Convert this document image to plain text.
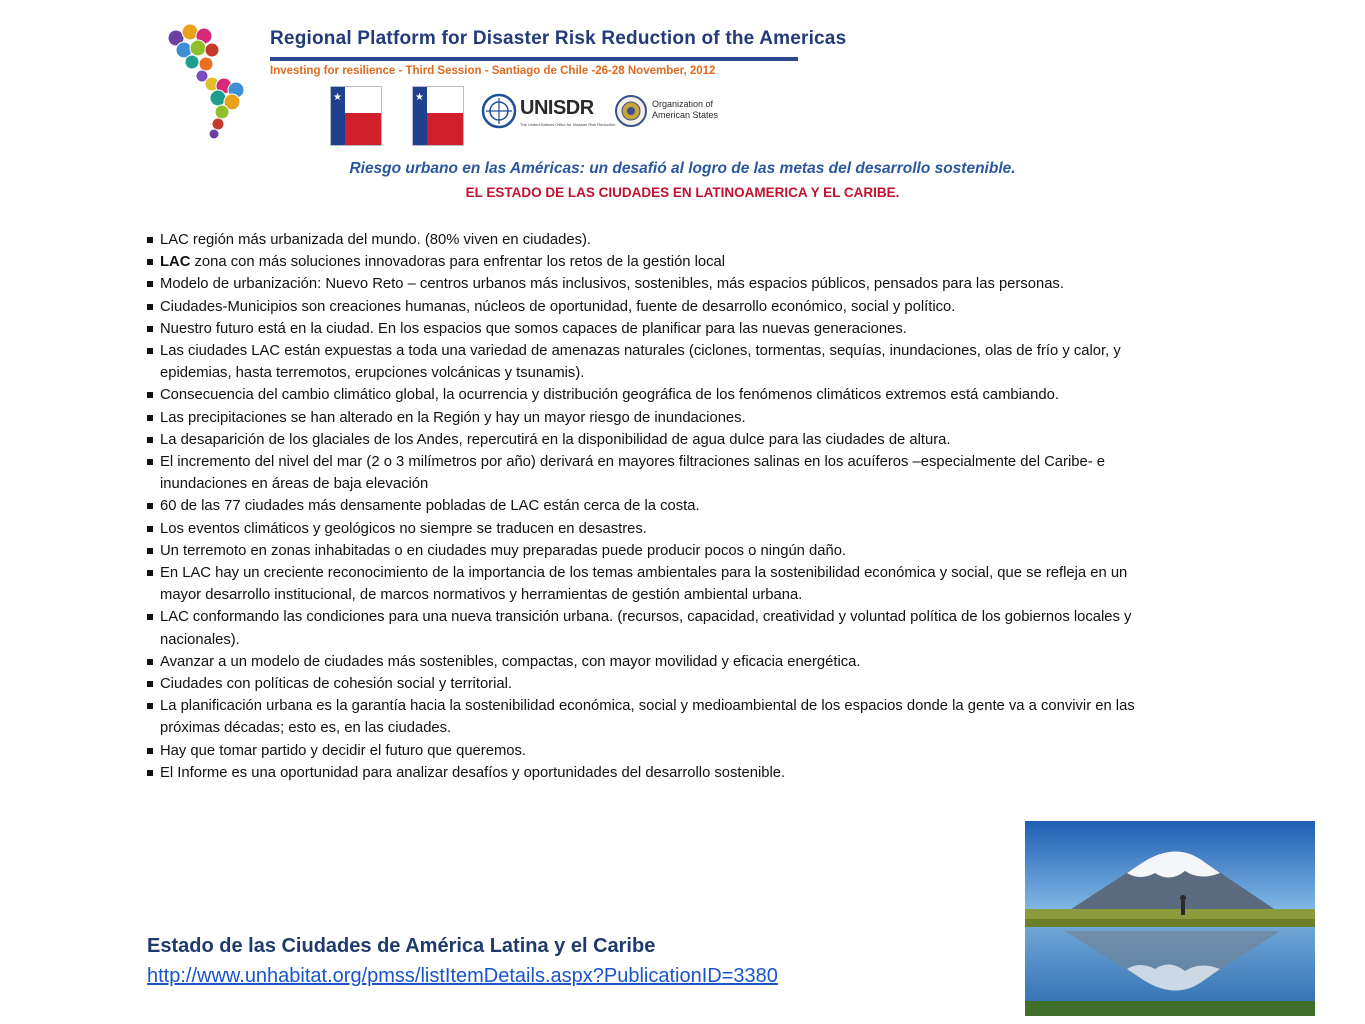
Regional Platform for Disaster Risk Reduction of the Americas
Investing for resilience - Third Session - Santiago de Chile -26-28 November, 2012
★	★	UNISDR
The United Nations Office for Disaster Risk Reduction
Organization of
American States
Riesgo urbano en las Américas: un desafió al logro de las metas del desarrollo sostenible.
EL ESTADO DE LAS CIUDADES EN LATINOAMERICA Y EL CARIBE.
LAC región más urbanizada del mundo. (80% viven en ciudades).
LAC zona con más soluciones innovadoras para enfrentar los retos de la gestión local
Modelo de urbanización: Nuevo Reto – centros urbanos más inclusivos, sostenibles, más espacios públicos, pensados para las personas.
Ciudades-Municipios son creaciones humanas, núcleos de oportunidad, fuente de desarrollo económico, social y político.
Nuestro futuro está en la ciudad. En los espacios que somos capaces de planificar para las nuevas generaciones.
Las ciudades LAC están expuestas a toda una variedad de amenazas naturales (ciclones, tormentas, sequías, inundaciones, olas de frío y calor, y epidemias, hasta terremotos, erupciones volcánicas y tsunamis).
Consecuencia del cambio climático global, la ocurrencia y distribución geográfica de los fenómenos climáticos extremos está cambiando.
Las precipitaciones se han alterado en la Región y hay un mayor riesgo de inundaciones.
La desaparición de los glaciales de los Andes, repercutirá en la disponibilidad de agua dulce para las ciudades de altura.
El incremento del nivel del mar (2 o 3 milímetros por año) derivará en mayores filtraciones salinas en los acuíferos –especialmente del Caribe- e inundaciones en áreas de baja elevación
60 de las 77 ciudades más densamente pobladas de LAC están cerca de la costa.
Los eventos climáticos y geológicos no siempre se traducen en desastres.
Un terremoto en zonas inhabitadas o en ciudades muy preparadas puede producir pocos o ningún daño.
En LAC hay un creciente reconocimiento de la importancia de los temas ambientales para la sostenibilidad económica y social, que se refleja en un mayor desarrollo institucional, de marcos normativos y herramientas de gestión ambiental urbana.
LAC conformando las condiciones para una nueva transición urbana. (recursos, capacidad, creatividad y voluntad política de los gobiernos locales y nacionales).
Avanzar a un modelo de ciudades más sostenibles, compactas, con mayor movilidad y eficacia energética.
Ciudades con políticas de cohesión social y territorial.
La planificación urbana es la garantía hacia la sostenibilidad económica, social y medioambiental de los espacios donde la gente va a convivir en las próximas décadas; esto es, en las ciudades.
Hay que tomar partido y decidir el futuro que queremos.
El Informe es una oportunidad para analizar desafíos y oportunidades del desarrollo sostenible.
Estado de las Ciudades de América Latina y el Caribe
http://www.unhabitat.org/pmss/listItemDetails.aspx?PublicationID=3380
